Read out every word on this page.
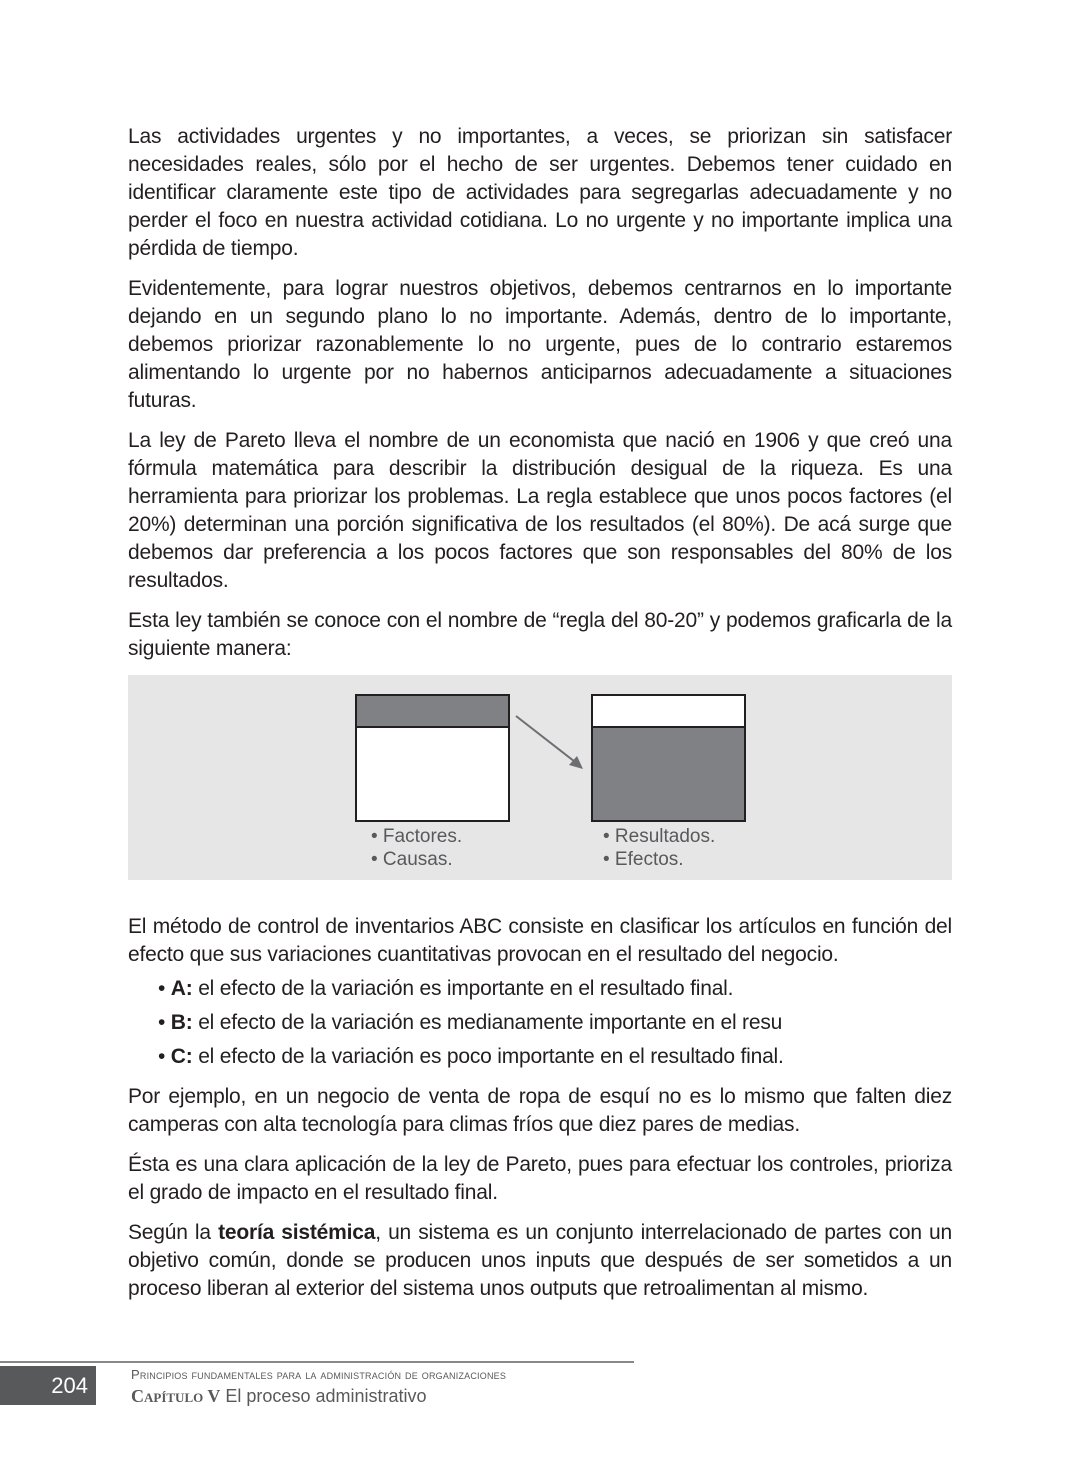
Las actividades urgentes y no importantes, a veces, se priorizan sin satisfacer necesidades reales, sólo por el hecho de ser urgentes. Debemos tener cuidado en identificar claramente este tipo de actividades para segregarlas adecuadamente y no perder el foco en nuestra actividad cotidiana. Lo no urgente y no importante implica una pérdida de tiempo.

Evidentemente, para lograr nuestros objetivos, debemos centrarnos en lo importante dejando en un segundo plano lo no importante. Además, dentro de lo importante, debemos priorizar razonablemente lo no urgente, pues de lo contrario estaremos alimentando lo urgente por no habernos anticiparnos adecuadamente a situaciones futuras.

La ley de Pareto lleva el nombre de un economista que nació en 1906 y que creó una fórmula matemática para describir la distribución desigual de la riqueza. Es una herramienta para priorizar los problemas. La regla establece que unos pocos factores (el 20%) determinan una porción significativa de los resultados (el 80%). De acá surge que debemos dar preferencia a los pocos factores que son responsables del 80% de los resultados.

Esta ley también se conoce con el nombre de “regla del 80-20” y podemos graficarla de la siguiente manera:

• Factores.
• Causas.
• Resultados.
• Efectos.

El método de control de inventarios ABC consiste en clasificar los artículos en función del efecto que sus variaciones cuantitativas provocan en el resultado del negocio.

• A: el efecto de la variación es importante en el resultado final.
• B: el efecto de la variación es medianamente importante en el resu
• C: el efecto de la variación es poco importante en el resultado final.

Por ejemplo, en un negocio de venta de ropa de esquí no es lo mismo que falten diez camperas con alta tecnología para climas fríos que diez pares de medias.

Ésta es una clara aplicación de la ley de Pareto, pues para efectuar los controles, prioriza el grado de impacto en el resultado final.

Según la teoría sistémica, un sistema es un conjunto interrelacionado de partes con un objetivo común, donde se producen unos inputs que después de ser sometidos a un proceso liberan al exterior del sistema unos outputs que retroalimentan al mismo.

204	Principios fundamentales para la administración de organizaciones
Capítulo V El proceso administrativo
